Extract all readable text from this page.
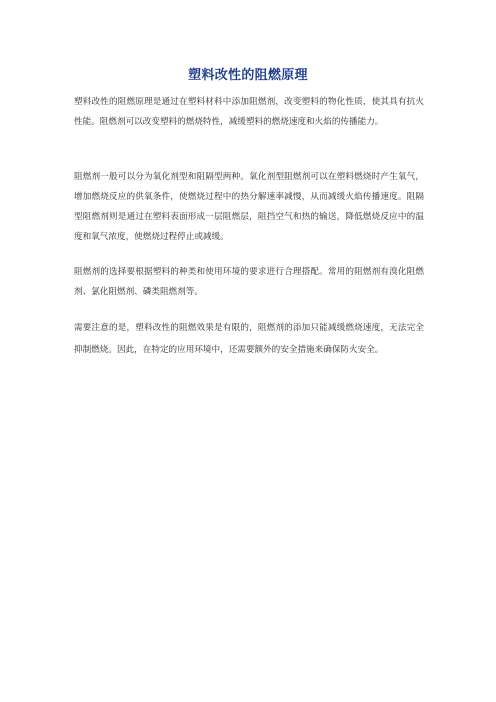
塑料改性的阻燃原理

塑料改性的阻燃原理是通过在塑料材料中添加阻燃剂，改变塑料的物化性质，使其具有抗火性能。阻燃剂可以改变塑料的燃烧特性，减缓塑料的燃烧速度和火焰的传播能力。

阻燃剂一般可以分为氧化剂型和阻隔型两种。氧化剂型阻燃剂可以在塑料燃烧时产生氧气，增加燃烧反应的供氧条件，使燃烧过程中的热分解速率减慢，从而减缓火焰传播速度。阻隔型阻燃剂则是通过在塑料表面形成一层阻燃层，阻挡空气和热的输送，降低燃烧反应中的温度和氧气浓度，使燃烧过程停止或减缓。

阻燃剂的选择要根据塑料的种类和使用环境的要求进行合理搭配。常用的阻燃剂有溴化阻燃剂、氯化阻燃剂、磷类阻燃剂等。

需要注意的是，塑料改性的阻燃效果是有限的，阻燃剂的添加只能减缓燃烧速度，无法完全抑制燃烧。因此，在特定的应用环境中，还需要额外的安全措施来确保防火安全。
